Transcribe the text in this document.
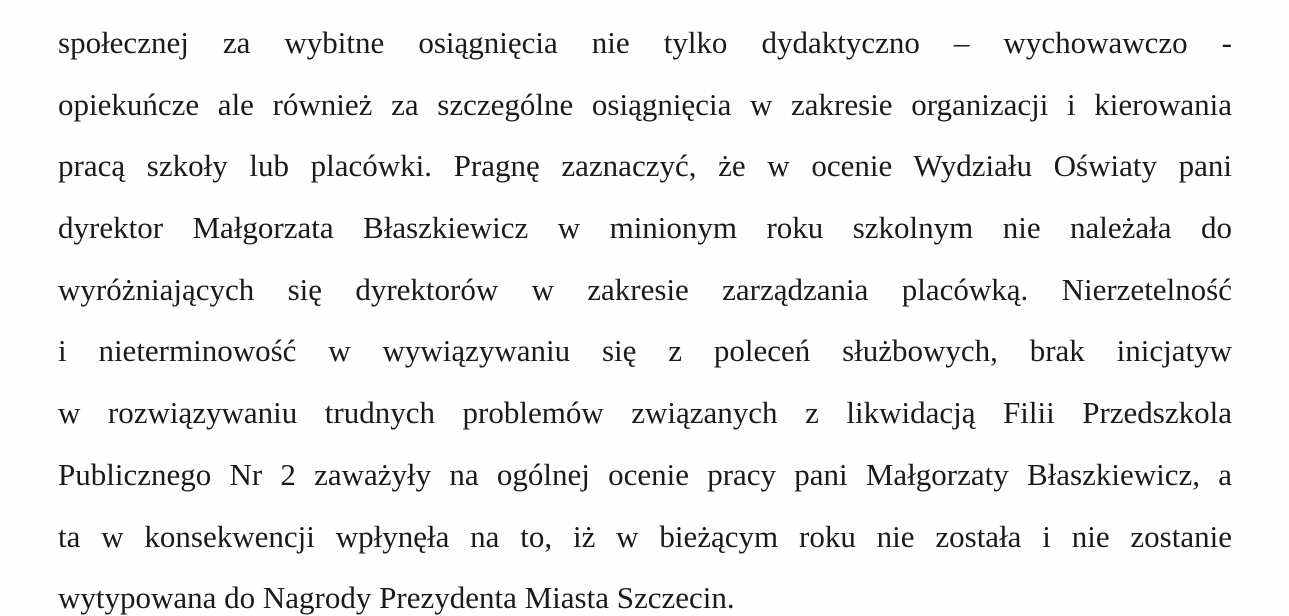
społecznej za wybitne osiągnięcia nie tylko dydaktyczno – wychowawczo -
opiekuńcze ale również za szczególne osiągnięcia w zakresie organizacji i kierowania
pracą szkoły lub placówki. Pragnę zaznaczyć, że w ocenie Wydziału Oświaty pani
dyrektor Małgorzata Błaszkiewicz w minionym roku szkolnym nie należała do
wyróżniających się dyrektorów w zakresie zarządzania placówką. Nierzetelność
i nieterminowość w wywiązywaniu się z poleceń służbowych, brak inicjatyw
w rozwiązywaniu trudnych problemów związanych z likwidacją Filii Przedszkola
Publicznego Nr 2 zaważyły na ogólnej ocenie pracy pani Małgorzaty Błaszkiewicz, a
ta w konsekwencji wpłynęła na to, iż w bieżącym roku nie została i nie zostanie
wytypowana do Nagrody Prezydenta Miasta Szczecin.
